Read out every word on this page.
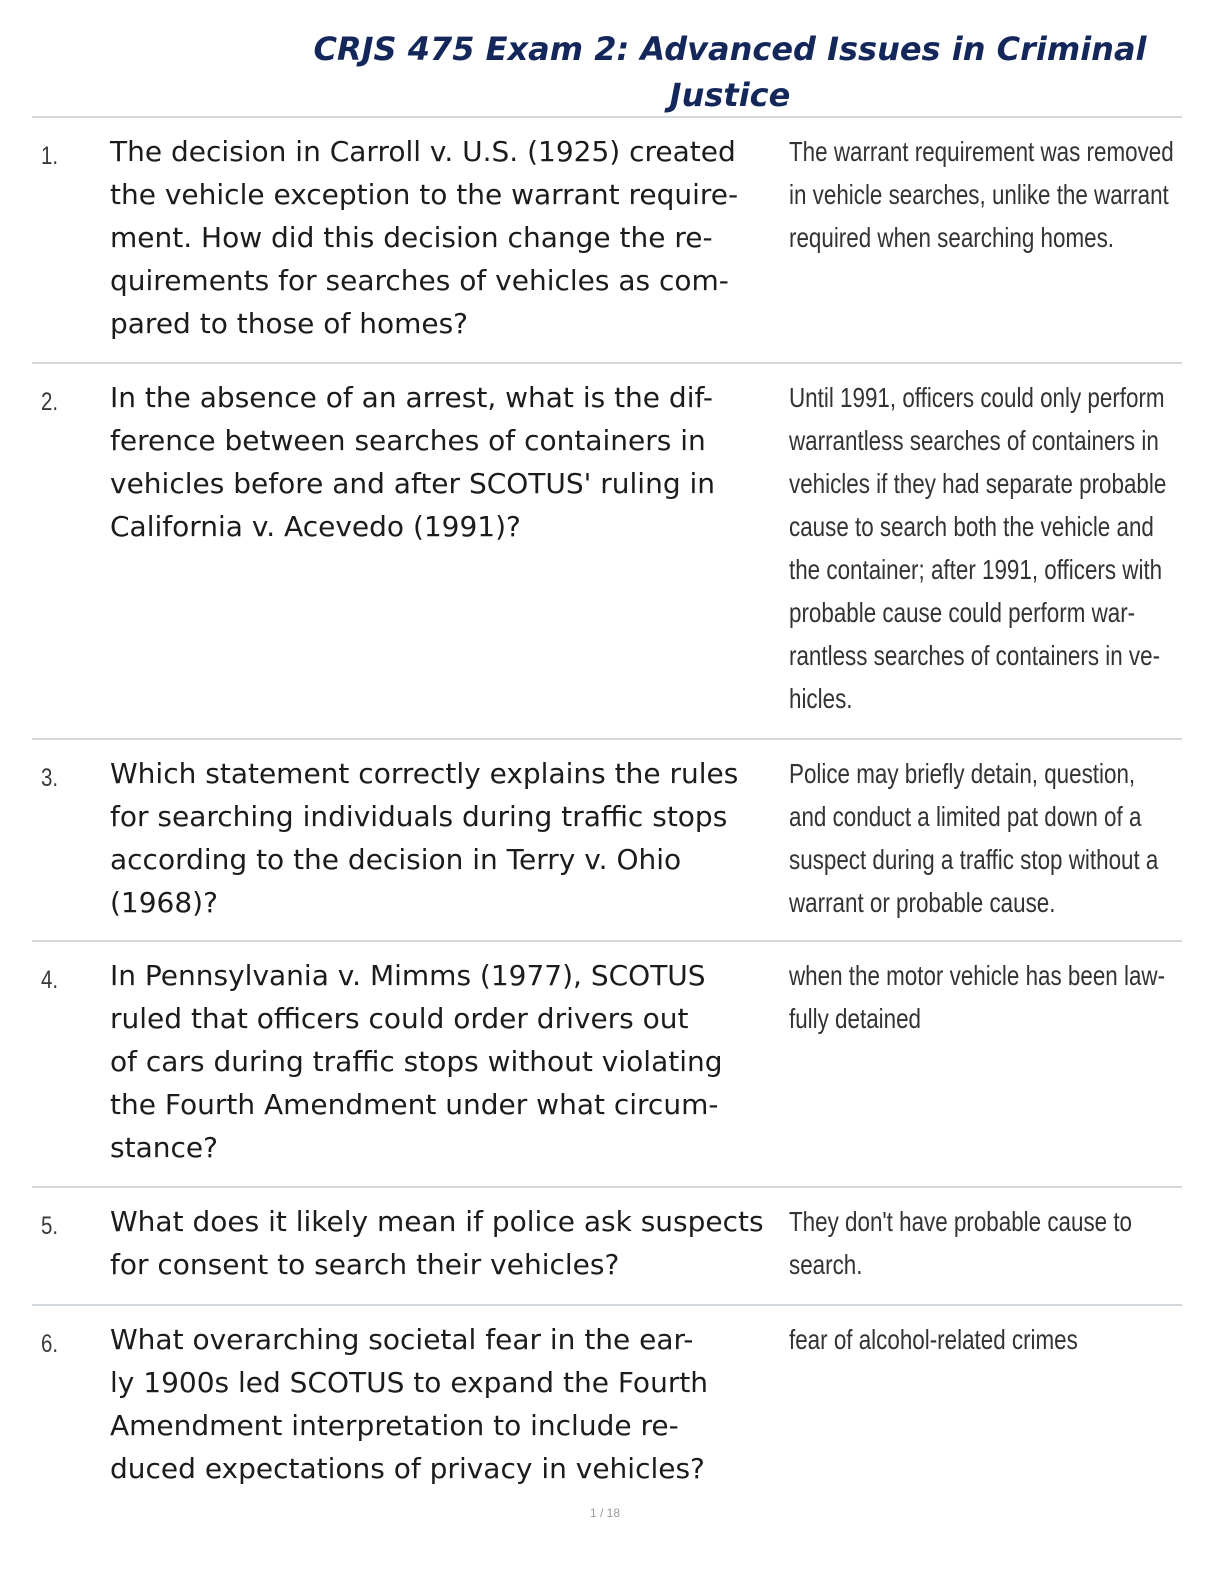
CRJS 475 Exam 2: Advanced Issues in Criminal
Justice
1. The decision in Carroll v. U.S. (1925) created
the vehicle exception to the warrant require-
ment. How did this decision change the re-
quirements for searches of vehicles as com-
pared to those of homes?
The warrant requirement was removed
in vehicle searches, unlike the warrant
required when searching homes.
2. In the absence of an arrest, what is the dif-
ference between searches of containers in
vehicles before and after SCOTUS' ruling in
California v. Acevedo (1991)?
Until 1991, officers could only perform
warrantless searches of containers in
vehicles if they had separate probable
cause to search both the vehicle and
the container; after 1991, officers with
probable cause could perform war-
rantless searches of containers in ve-
hicles.
3. Which statement correctly explains the rules
for searching individuals during traffic stops
according to the decision in Terry v. Ohio
(1968)?
Police may briefly detain, question,
and conduct a limited pat down of a
suspect during a traffic stop without a
warrant or probable cause.
4. In Pennsylvania v. Mimms (1977), SCOTUS
ruled that officers could order drivers out
of cars during traffic stops without violating
the Fourth Amendment under what circum-
stance?
when the motor vehicle has been law-
fully detained
5. What does it likely mean if police ask suspects
for consent to search their vehicles?
They don't have probable cause to
search.
6. What overarching societal fear in the ear-
ly 1900s led SCOTUS to expand the Fourth
Amendment interpretation to include re-
duced expectations of privacy in vehicles?
fear of alcohol-related crimes
1 / 18
